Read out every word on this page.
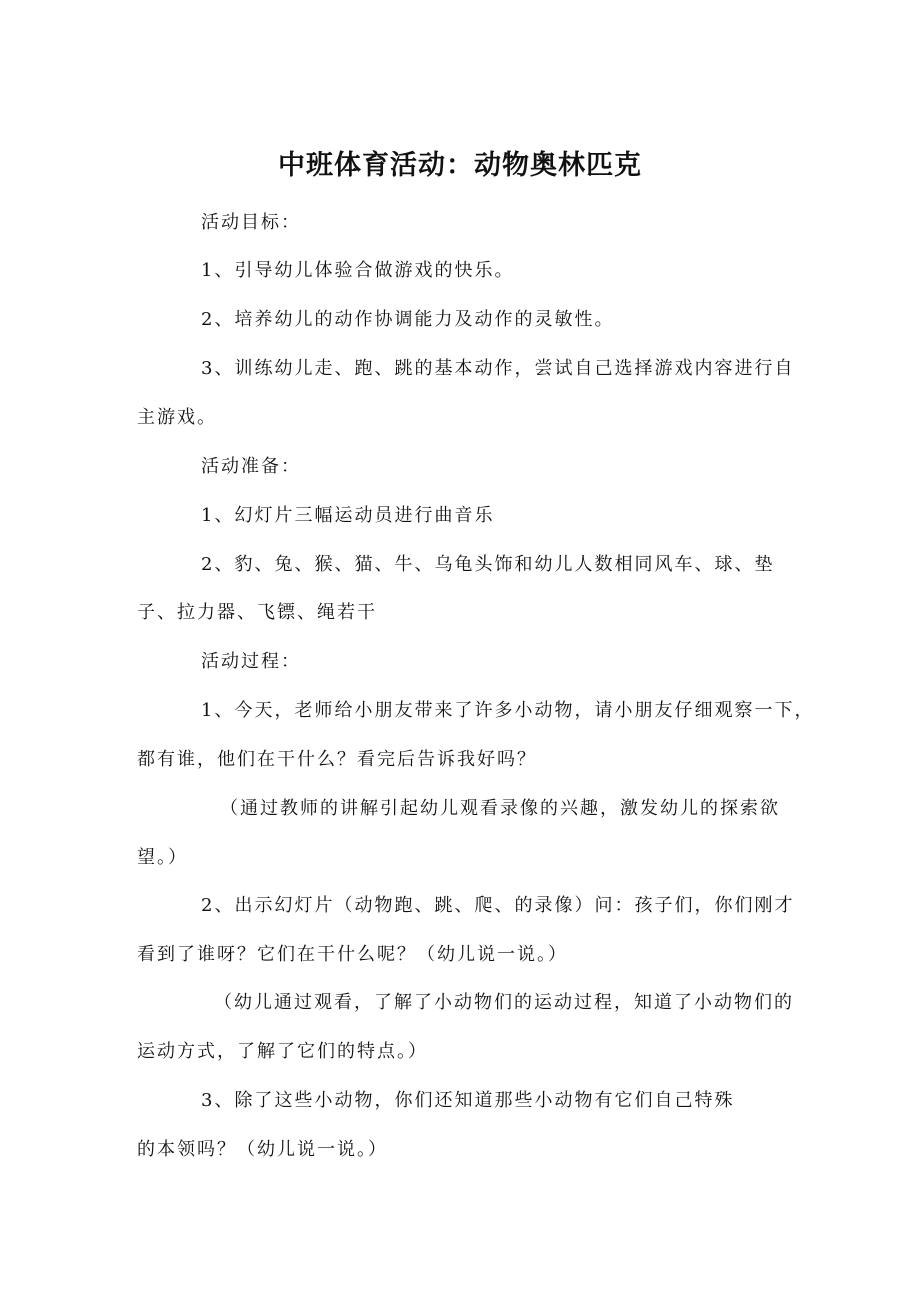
中班体育活动：动物奥林匹克

活动目标：

1、引导幼儿体验合做游戏的快乐。

2、培养幼儿的动作协调能力及动作的灵敏性。

3、训练幼儿走、跑、跳的基本动作，尝试自己选择游戏内容进行自

主游戏。

活动准备：

1、幻灯片三幅运动员进行曲音乐

2、豹、兔、猴、猫、牛、乌龟头饰和幼儿人数相同风车、球、垫

子、拉力器、飞镖、绳若干

活动过程：

1、今天，老师给小朋友带来了许多小动物，请小朋友仔细观察一下，

都有谁，他们在干什么？看完后告诉我好吗？

（通过教师的讲解引起幼儿观看录像的兴趣，激发幼儿的探索欲

望。）

2、出示幻灯片（动物跑、跳、爬、的录像）问：孩子们，你们刚才

看到了谁呀？它们在干什么呢？（幼儿说一说。）

（幼儿通过观看，了解了小动物们的运动过程，知道了小动物们的

运动方式，了解了它们的特点。）

3、除了这些小动物，你们还知道那些小动物有它们自己特殊

的本领吗？（幼儿说一说。）
